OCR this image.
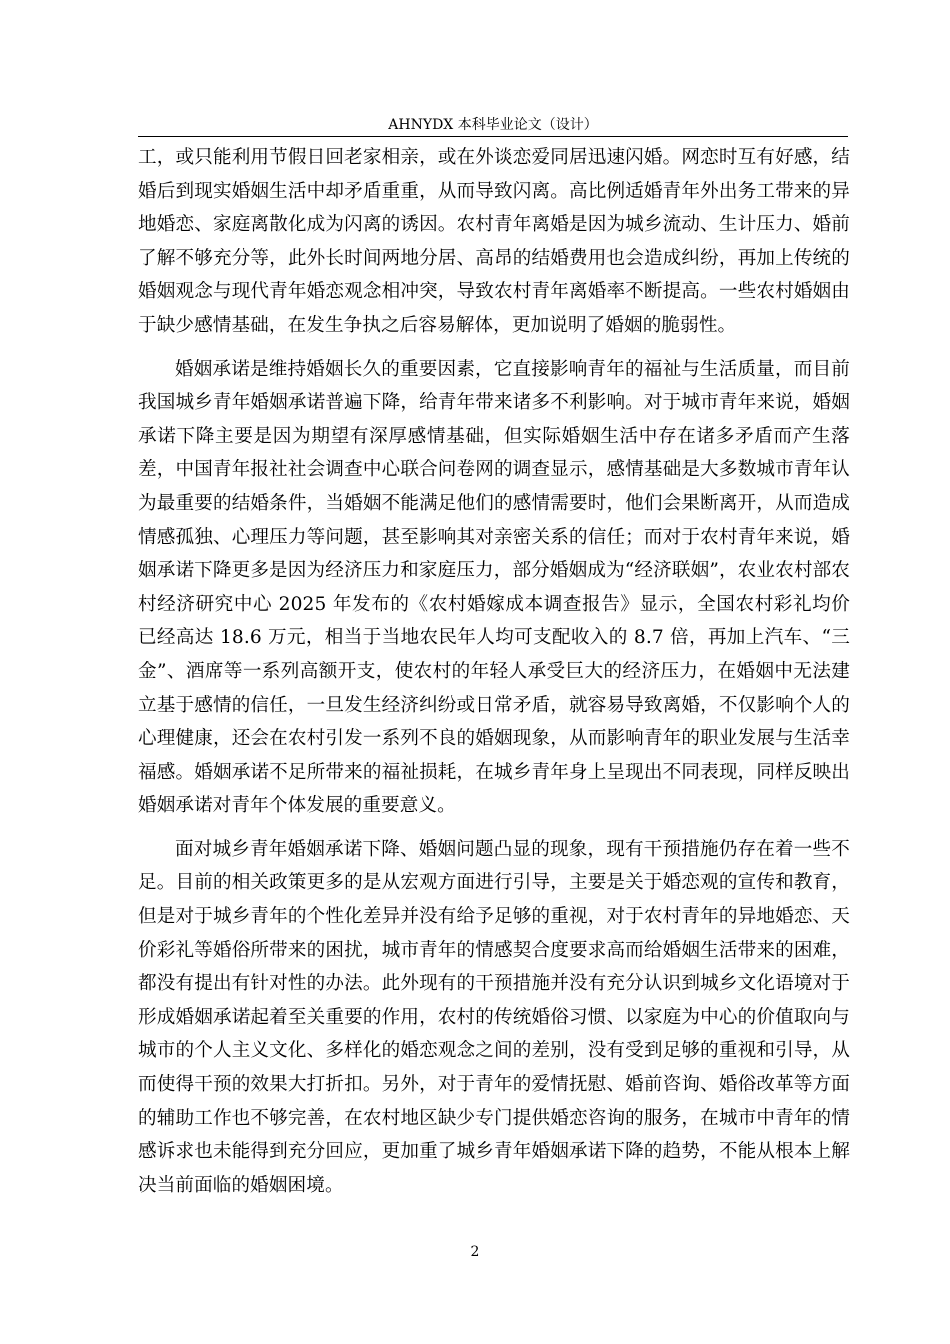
AHNYDX 本科毕业论文（设计）

工，或只能利用节假日回老家相亲，或在外谈恋爱同居迅速闪婚。网恋时互有好感，结婚后到现实婚姻生活中却矛盾重重，从而导致闪离。高比例适婚青年外出务工带来的异地婚恋、家庭离散化成为闪离的诱因。农村青年离婚是因为城乡流动、生计压力、婚前了解不够充分等，此外长时间两地分居、高昂的结婚费用也会造成纠纷，再加上传统的婚姻观念与现代青年婚恋观念相冲突，导致农村青年离婚率不断提高。一些农村婚姻由于缺少感情基础，在发生争执之后容易解体，更加说明了婚姻的脆弱性。

婚姻承诺是维持婚姻长久的重要因素，它直接影响青年的福祉与生活质量，而目前我国城乡青年婚姻承诺普遍下降，给青年带来诸多不利影响。对于城市青年来说，婚姻承诺下降主要是因为期望有深厚感情基础，但实际婚姻生活中存在诸多矛盾而产生落差，中国青年报社社会调查中心联合问卷网的调查显示，感情基础是大多数城市青年认为最重要的结婚条件，当婚姻不能满足他们的感情需要时，他们会果断离开，从而造成情感孤独、心理压力等问题，甚至影响其对亲密关系的信任；而对于农村青年来说，婚姻承诺下降更多是因为经济压力和家庭压力，部分婚姻成为“经济联姻”，农业农村部农村经济研究中心 2025 年发布的《农村婚嫁成本调查报告》显示，全国农村彩礼均价已经高达 18.6 万元，相当于当地农民年人均可支配收入的 8.7 倍，再加上汽车、“三金”、酒席等一系列高额开支，使农村的年轻人承受巨大的经济压力，在婚姻中无法建立基于感情的信任，一旦发生经济纠纷或日常矛盾，就容易导致离婚，不仅影响个人的心理健康，还会在农村引发一系列不良的婚姻现象，从而影响青年的职业发展与生活幸福感。婚姻承诺不足所带来的福祉损耗，在城乡青年身上呈现出不同表现，同样反映出婚姻承诺对青年个体发展的重要意义。

面对城乡青年婚姻承诺下降、婚姻问题凸显的现象，现有干预措施仍存在着一些不足。目前的相关政策更多的是从宏观方面进行引导，主要是关于婚恋观的宣传和教育，但是对于城乡青年的个性化差异并没有给予足够的重视，对于农村青年的异地婚恋、天价彩礼等婚俗所带来的困扰，城市青年的情感契合度要求高而给婚姻生活带来的困难，都没有提出有针对性的办法。此外现有的干预措施并没有充分认识到城乡文化语境对于形成婚姻承诺起着至关重要的作用，农村的传统婚俗习惯、以家庭为中心的价值取向与城市的个人主义文化、多样化的婚恋观念之间的差别，没有受到足够的重视和引导，从而使得干预的效果大打折扣。另外，对于青年的爱情抚慰、婚前咨询、婚俗改革等方面的辅助工作也不够完善，在农村地区缺少专门提供婚恋咨询的服务，在城市中青年的情感诉求也未能得到充分回应，更加重了城乡青年婚姻承诺下降的趋势，不能从根本上解决当前面临的婚姻困境。

2
